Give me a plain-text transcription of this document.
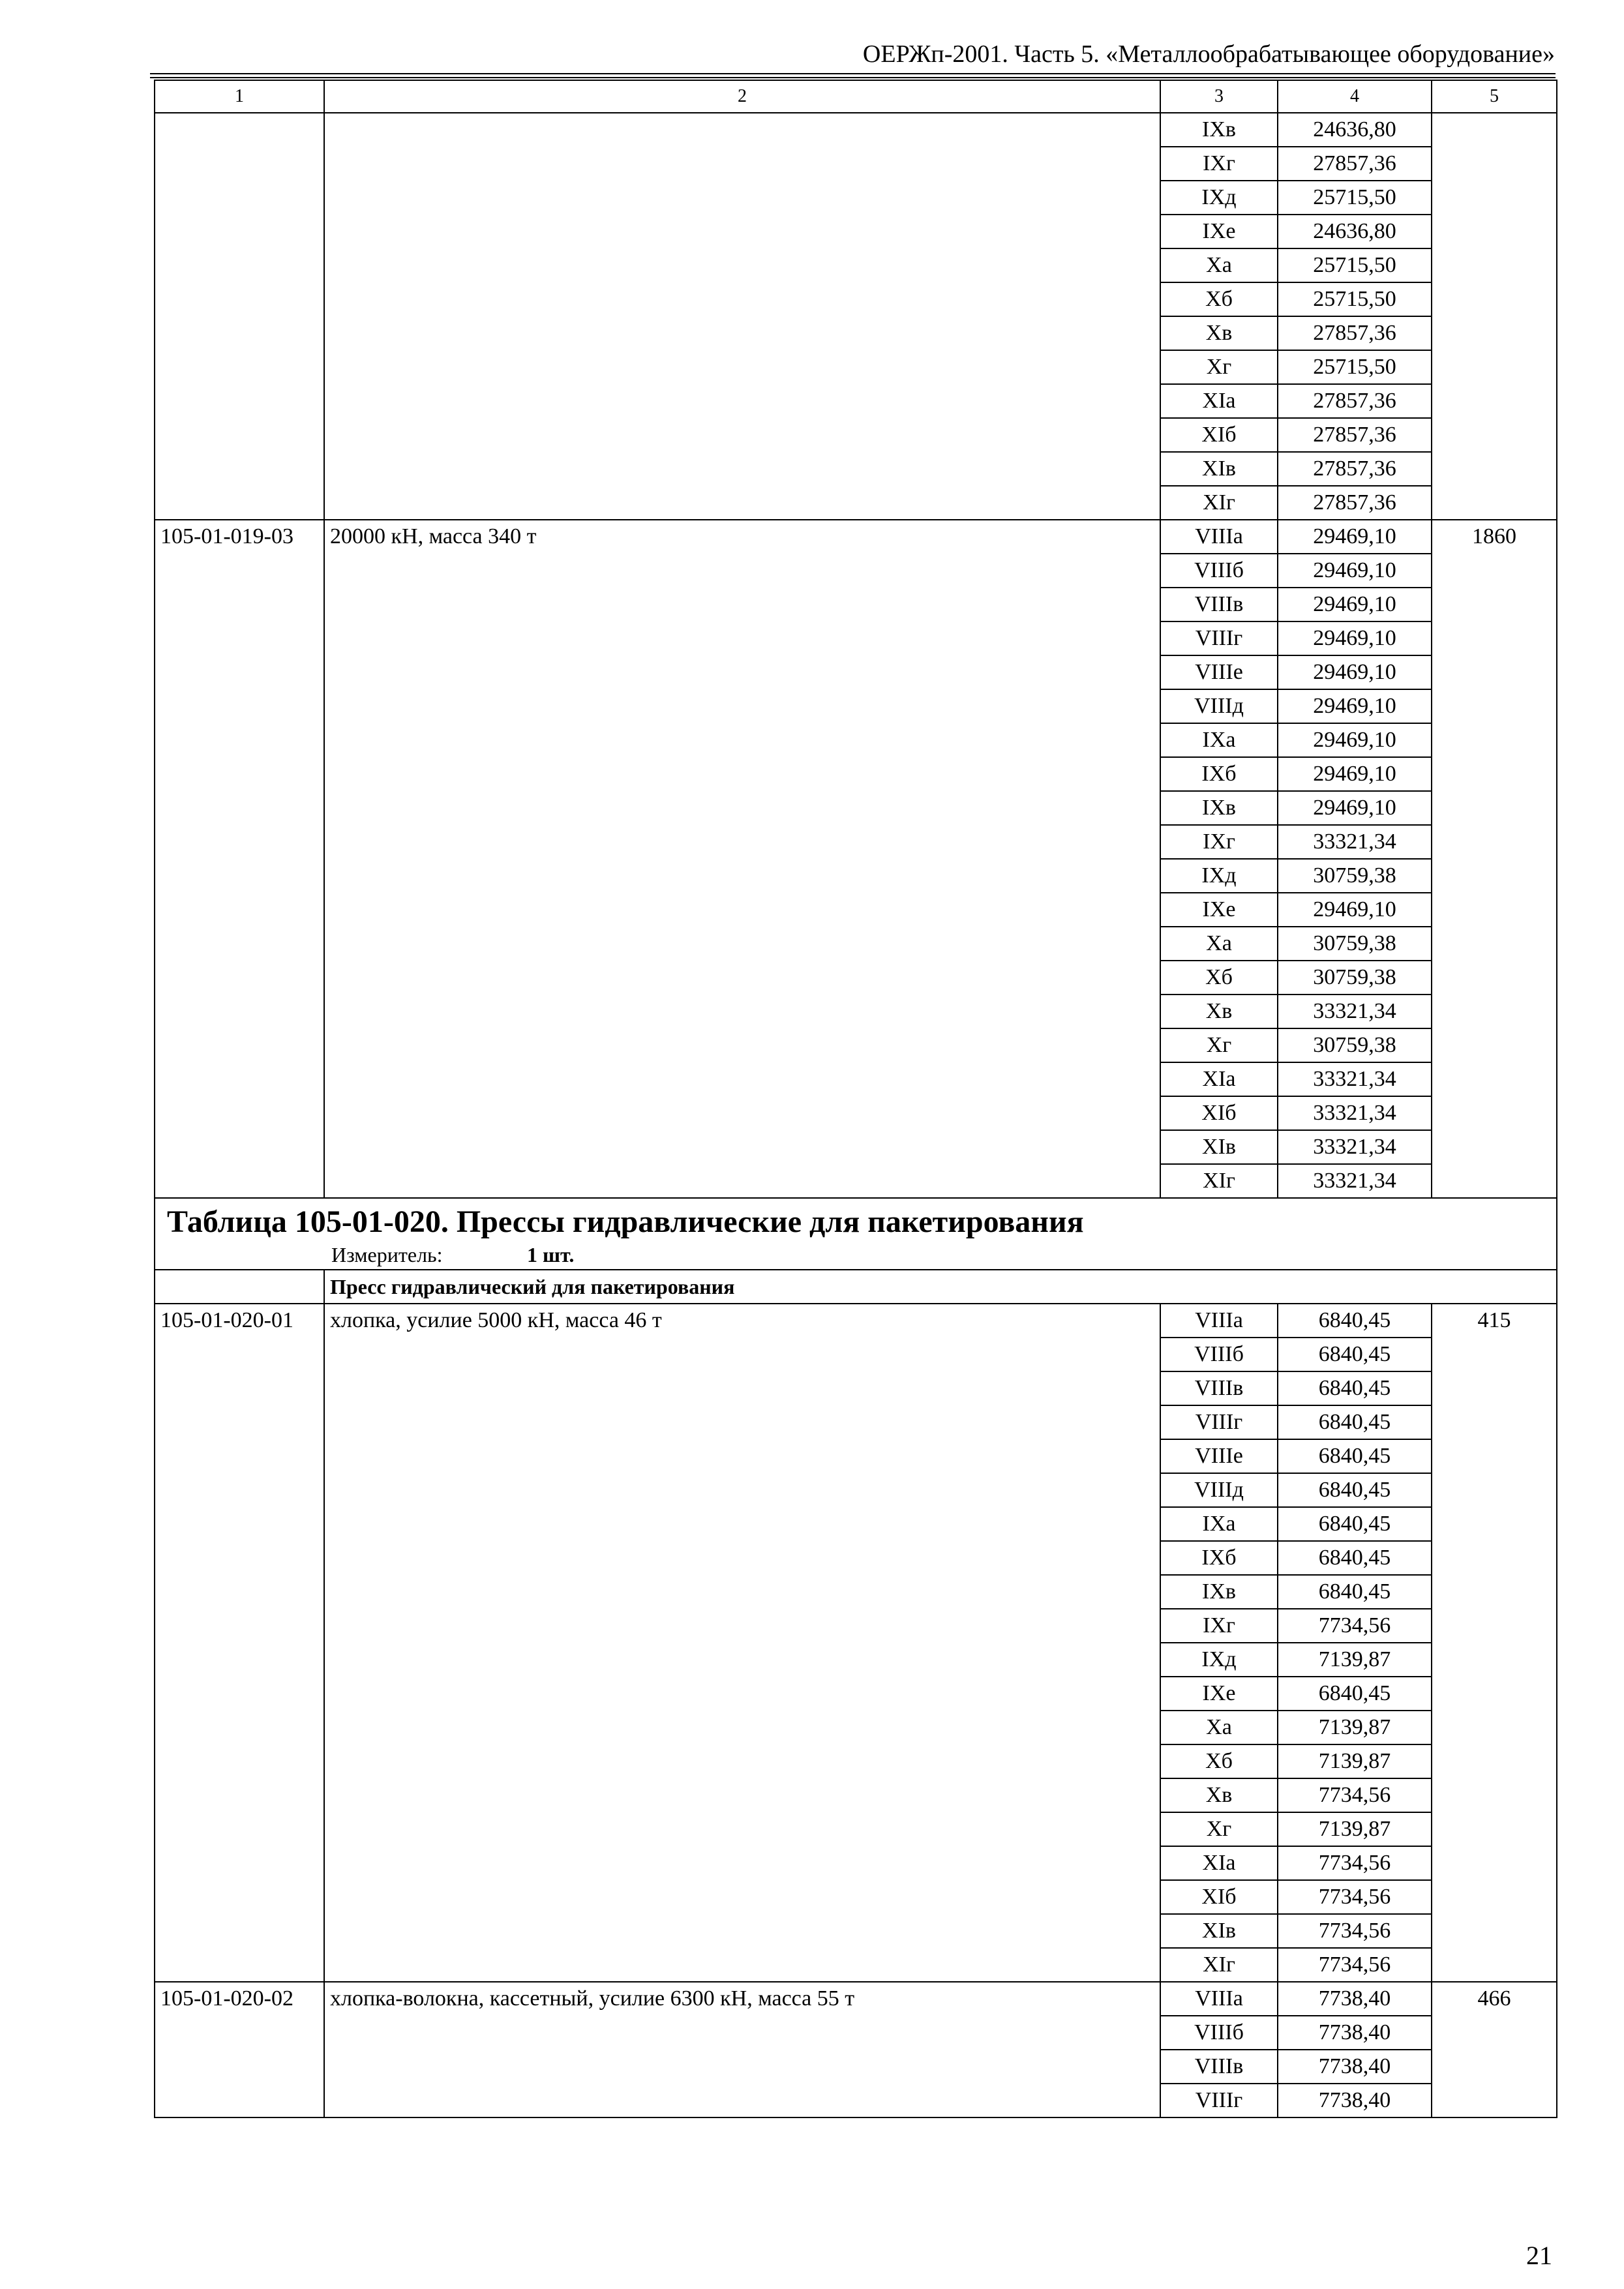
ОЕРЖп-2001. Часть 5. «Металлообрабатывающее оборудование»
1	2	3	4	5
		IXв	24636,80	
		IXг	27857,36	
		IXд	25715,50	
		IXе	24636,80	
		Xа	25715,50	
		Xб	25715,50	
		Xв	27857,36	
		Xг	25715,50	
		XIа	27857,36	
		XIб	27857,36	
		XIв	27857,36	
		XIг	27857,36	
105-01-019-03	20000 кН, масса 340 т	VIIIа	29469,10	1860
		VIIIб	29469,10	
		VIIIв	29469,10	
		VIIIг	29469,10	
		VIIIе	29469,10	
		VIIIд	29469,10	
		IXа	29469,10	
		IXб	29469,10	
		IXв	29469,10	
		IXг	33321,34	
		IXд	30759,38	
		IXе	29469,10	
		Xа	30759,38	
		Xб	30759,38	
		Xв	33321,34	
		Xг	30759,38	
		XIа	33321,34	
		XIб	33321,34	
		XIв	33321,34	
		XIг	33321,34	

Таблица 105-01-020. Прессы гидравлические для пакетирования
Измеритель: 1 шт.				

	Пресс гидравлический для пакетирования			
105-01-020-01	хлопка, усилие 5000 кН, масса 46 т	VIIIа	6840,45	415
		VIIIб	6840,45	
		VIIIв	6840,45	
		VIIIг	6840,45	
		VIIIе	6840,45	
		VIIIд	6840,45	
		IXа	6840,45	
		IXб	6840,45	
		IXв	6840,45	
		IXг	7734,56	
		IXд	7139,87	
		IXе	6840,45	
		Xа	7139,87	
		Xб	7139,87	
		Xв	7734,56	
		Xг	7139,87	
		XIа	7734,56	
		XIб	7734,56	
		XIв	7734,56	
		XIг	7734,56	
105-01-020-02	хлопка-волокна, кассетный, усилие 6300 кН, масса 55 т	VIIIа	7738,40	466
		VIIIб	7738,40	
		VIIIв	7738,40	
		VIIIг	7738,40	
21
